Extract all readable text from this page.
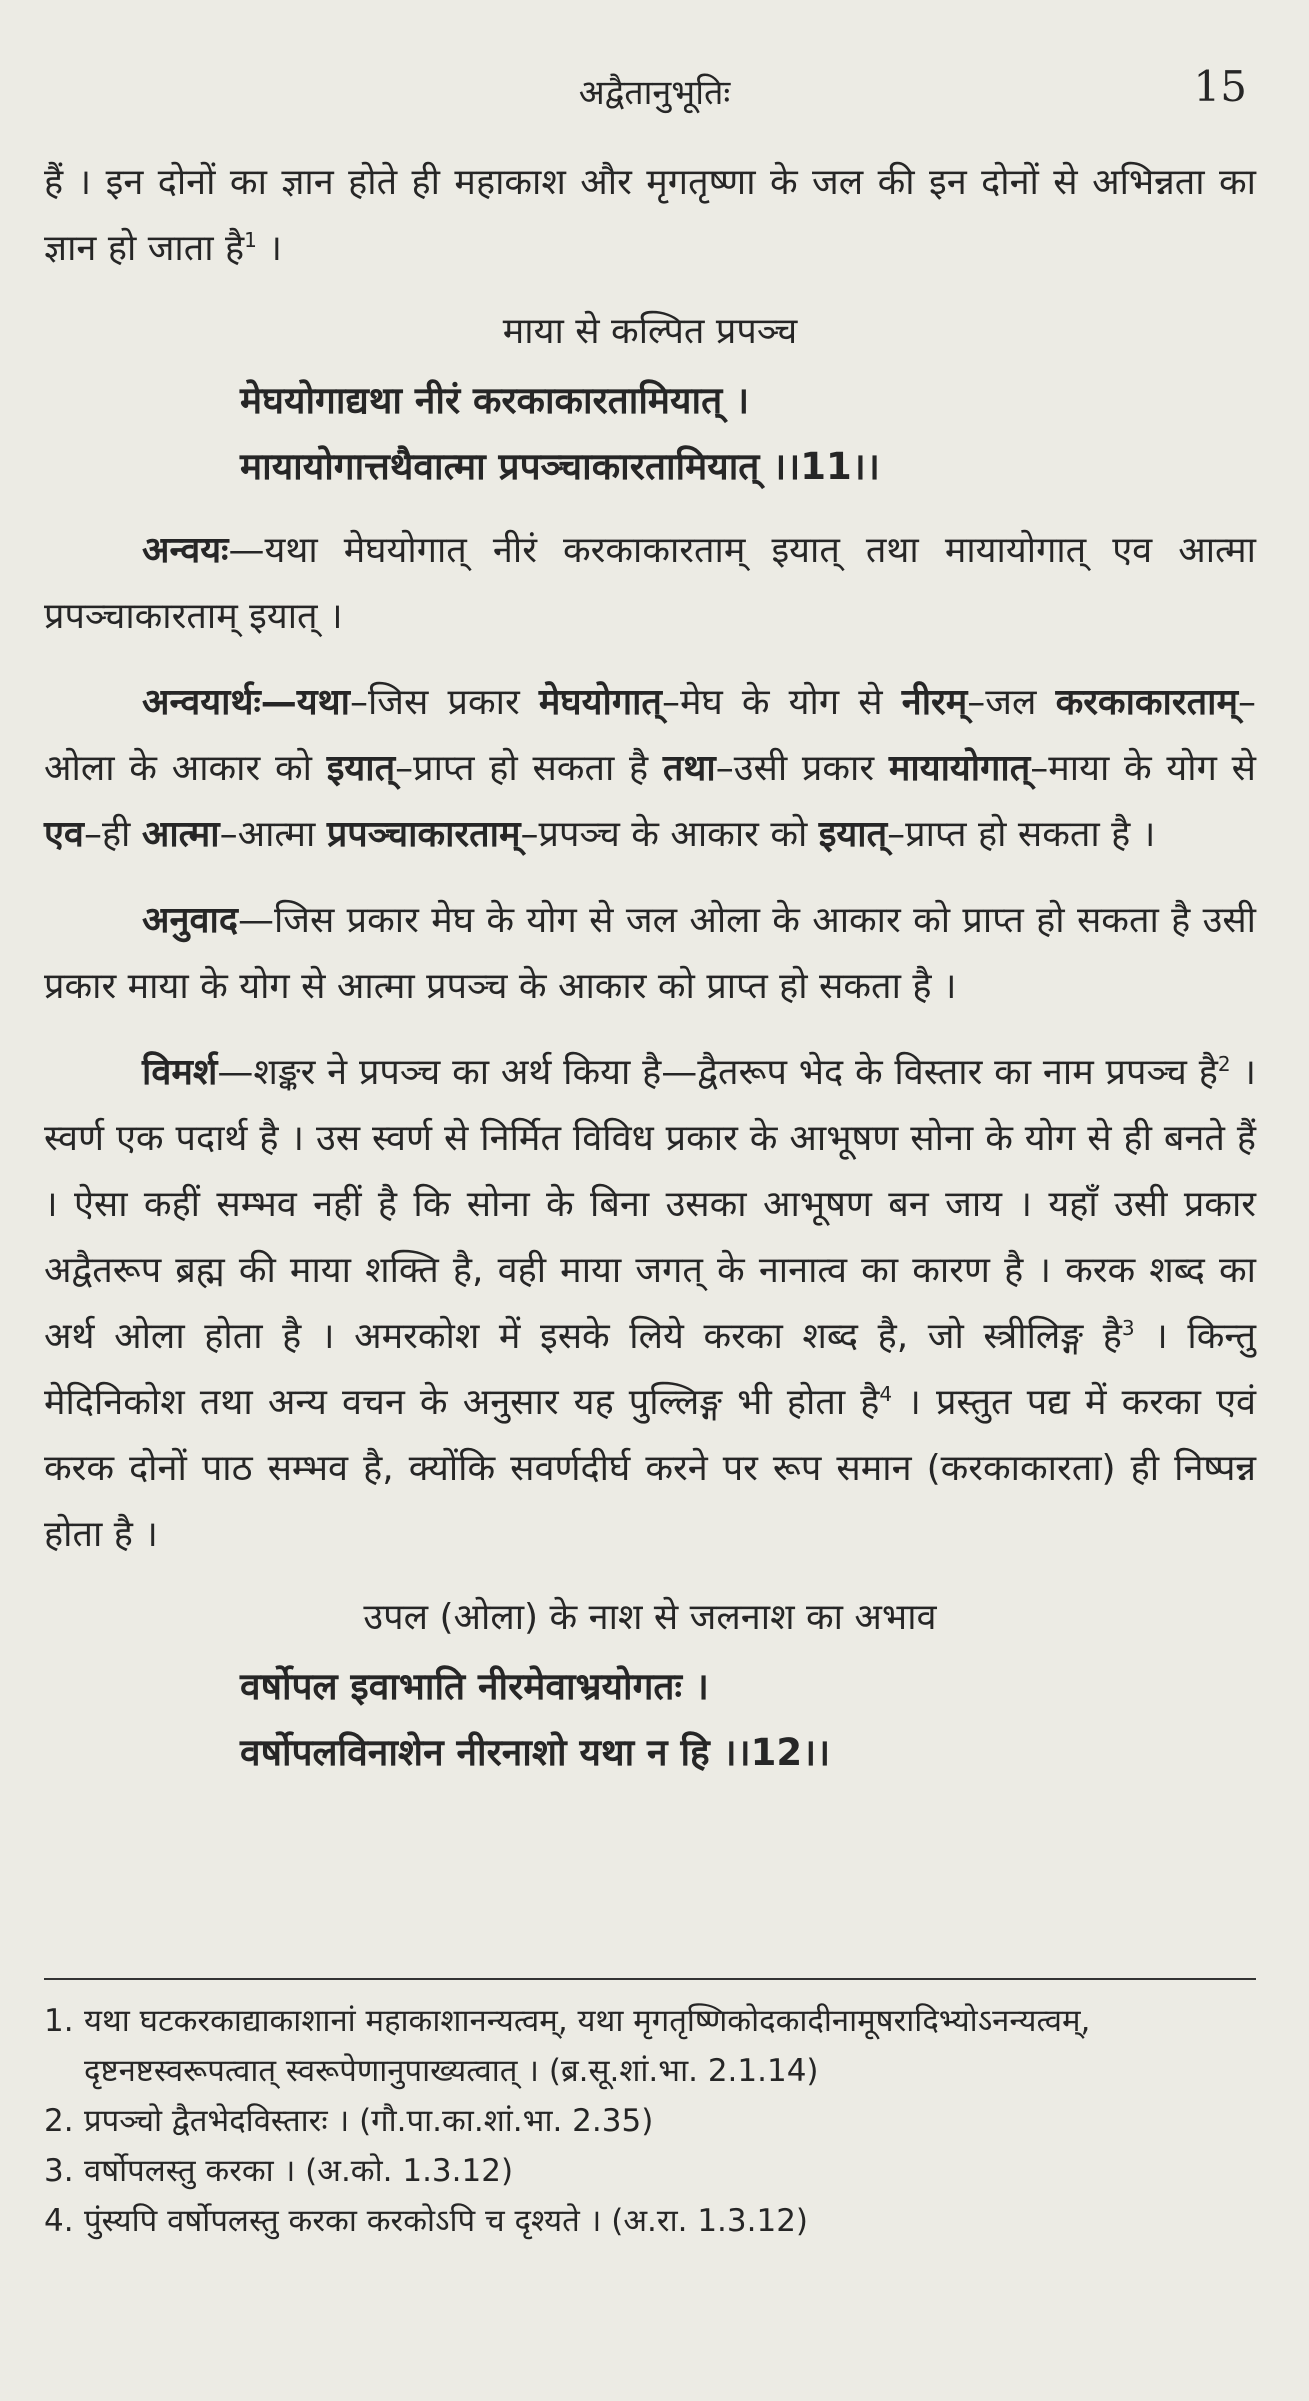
अद्वैतानुभूतिः	15

हैं । इन दोनों का ज्ञान होते ही महाकाश और मृगतृष्णा के जल की इन दोनों से अभिन्नता का ज्ञान हो जाता है$^1$ ।

माया से कल्पित प्रपञ्च
मेघयोगाद्यथा नीरं करकाकारतामियात् ।
मायायोगात्तथैवात्मा प्रपञ्चाकारतामियात् ।।11।।

अन्वयः—यथा मेघयोगात् नीरं करकाकारताम् इयात् तथा मायायोगात् एव आत्मा प्रपञ्चाकारताम् इयात् ।

अन्वयार्थः—यथा–जिस प्रकार मेघयोगात्–मेघ के योग से नीरम्–जल करकाकारताम्–ओला के आकार को इयात्–प्राप्त हो सकता है तथा–उसी प्रकार मायायोगात्–माया के योग से एव–ही आत्मा–आत्मा प्रपञ्चाकारताम्–प्रपञ्च के आकार को इयात्–प्राप्त हो सकता है ।

अनुवाद—जिस प्रकार मेघ के योग से जल ओला के आकार को प्राप्त हो सकता है उसी प्रकार माया के योग से आत्मा प्रपञ्च के आकार को प्राप्त हो सकता है ।

विमर्श—शङ्कर ने प्रपञ्च का अर्थ किया है—द्वैतरूप भेद के विस्तार का नाम प्रपञ्च है$^2$ । स्वर्ण एक पदार्थ है । उस स्वर्ण से निर्मित विविध प्रकार के आभूषण सोना के योग से ही बनते हैं । ऐसा कहीं सम्भव नहीं है कि सोना के बिना उसका आभूषण बन जाय । यहाँ उसी प्रकार अद्वैतरूप ब्रह्म की माया शक्ति है, वही माया जगत् के नानात्व का कारण है । करक शब्द का अर्थ ओला होता है । अमरकोश में इसके लिये करका शब्द है, जो स्त्रीलिङ्ग है$^3$ । किन्तु मेदिनिकोश तथा अन्य वचन के अनुसार यह पुल्लिङ्ग भी होता है$^4$ । प्रस्तुत पद्य में करका एवं करक दोनों पाठ सम्भव है, क्योंकि सवर्णदीर्घ करने पर रूप समान (करकाकारता) ही निष्पन्न होता है ।

उपल (ओला) के नाश से जलनाश का अभाव
वर्षोपल इवाभाति नीरमेवाभ्रयोगतः ।
वर्षोपलविनाशेन नीरनाशो यथा न हि ।।12।।
1. यथा घटकरकाद्याकाशानां महाकाशानन्यत्वम्, यथा मृगतृष्णिकोदकादीनामूषरादिभ्योऽनन्यत्वम्, दृष्टनष्टस्वरूपत्वात् स्वरूपेणानुपाख्यत्वात् । (ब्र.सू.शां.भा. 2.1.14)
2. प्रपञ्चो द्वैतभेदविस्तारः । (गौ.पा.का.शां.भा. 2.35)
3. वर्षोपलस्तु करका । (अ.को. 1.3.12)
4. पुंस्यपि वर्षोपलस्तु करका करकोऽपि च दृश्यते । (अ.रा. 1.3.12)
